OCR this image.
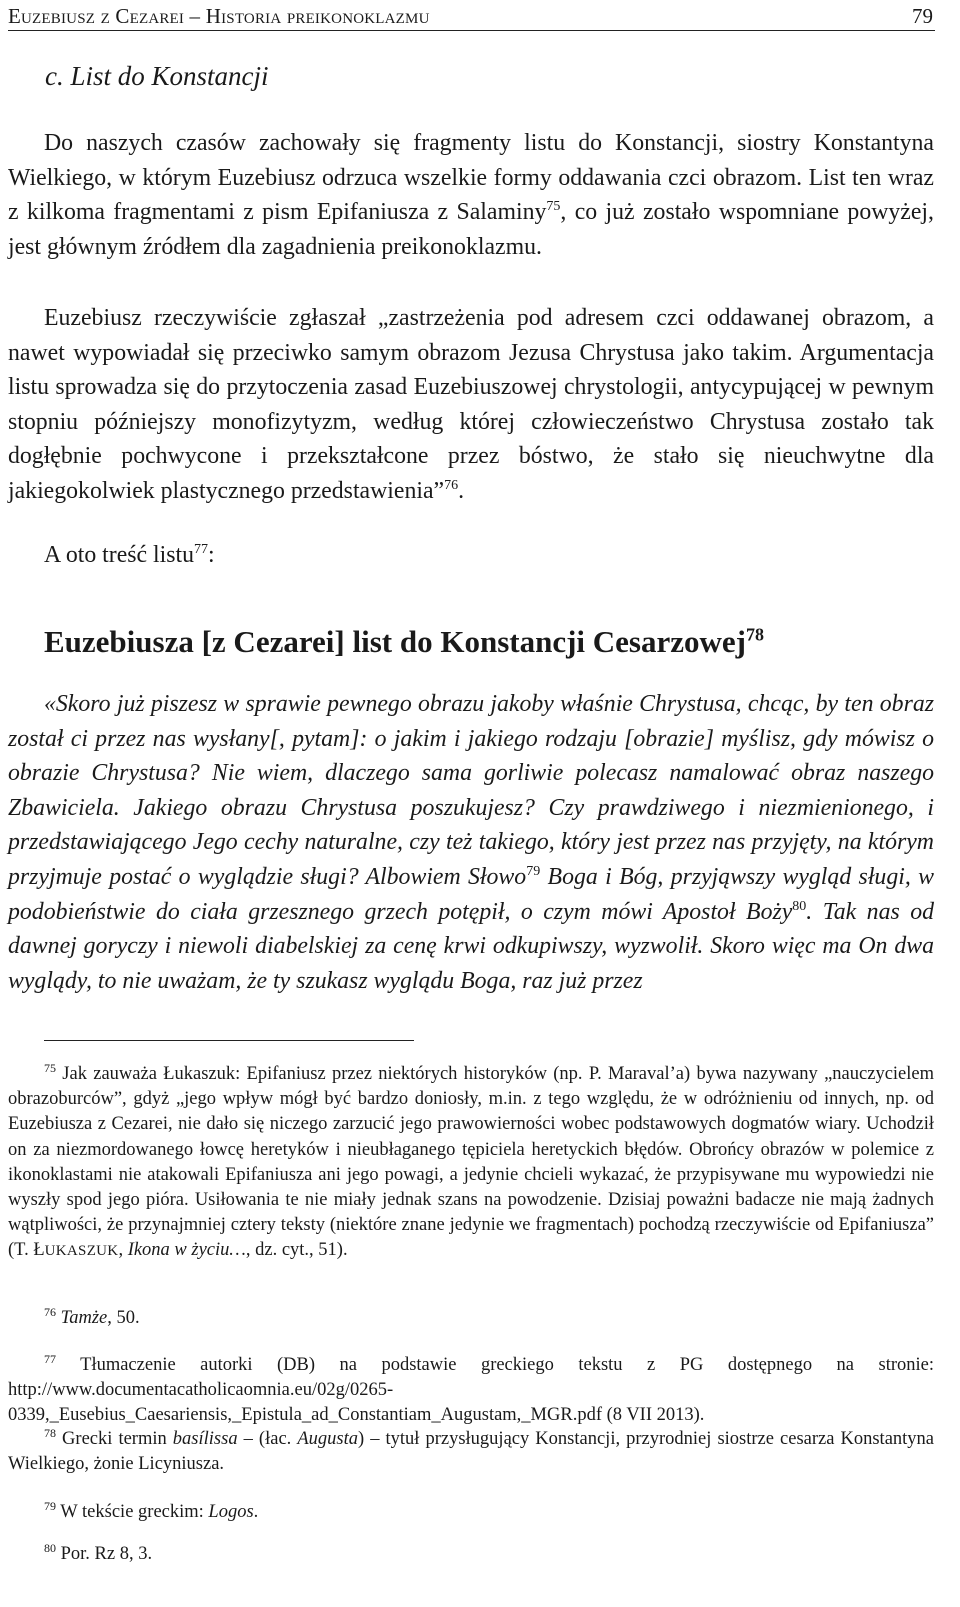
Euzebiusz z Cezarei – Historia preikonoklazmu	79
c. List do Konstancji

Do naszych czasów zachowały się fragmenty listu do Konstancji, siostry Konstantyna Wielkiego, w którym Euzebiusz odrzuca wszelkie formy oddawania czci obrazom. List ten wraz z kilkoma fragmentami z pism Epifaniusza z Salaminy$^{75}$, co już zostało wspomniane powyżej, jest głównym źródłem dla zagadnienia preikonoklazmu.

Euzebiusz rzeczywiście zgłaszał „zastrzeżenia pod adresem czci oddawanej obrazom, a nawet wypowiadał się przeciwko samym obrazom Jezusa Chrystusa jako takim. Argumentacja listu sprowadza się do przytoczenia zasad Euzebiuszowej chrystologii, antycypującej w pewnym stopniu późniejszy monofizytyzm, według której człowieczeństwo Chrystusa zostało tak dogłębnie pochwycone i przekształcone przez bóstwo, że stało się nieuchwytne dla jakiegokolwiek plastycznego przedstawienia”$^{76}$.

A oto treść listu$^{77}$:

Euzebiusza [z Cezarei] list do Konstancji Cesarzowej$^{78}$

«Skoro już piszesz w sprawie pewnego obrazu jakoby właśnie Chrystusa, chcąc, by ten obraz został ci przez nas wysłany[, pytam]: o jakim i jakiego rodzaju [obrazie] myślisz, gdy mówisz o obrazie Chrystusa? Nie wiem, dlaczego sama gorliwie polecasz namalować obraz naszego Zbawiciela. Jakiego obrazu Chrystusa poszukujesz? Czy prawdziwego i niezmienionego, i przedstawiającego Jego cechy naturalne, czy też takiego, który jest przez nas przyjęty, na którym przyjmuje postać o wyglądzie sługi? Albowiem Słowo$^{79}$ Boga i Bóg, przyjąwszy wygląd sługi, w podobieństwie do ciała grzesznego grzech potępił, o czym mówi Apostoł Boży$^{80}$. Tak nas od dawnej goryczy i niewoli diabelskiej za cenę krwi odkupiwszy, wyzwolił. Skoro więc ma On dwa wyglądy, to nie uważam, że ty szukasz wyglądu Boga, raz już przez

$^{75}$ Jak zauważa Łukaszuk: Epifaniusz przez niektórych historyków (np. P. Maraval’a) bywa nazywany „nauczycielem obrazoburców”, gdyż „jego wpływ mógł być bardzo doniosły, m.in. z tego względu, że w odróżnieniu od innych, np. od Euzebiusza z Cezarei, nie dało się niczego zarzucić jego prawowierności wobec podstawowych dogmatów wiary. Uchodził on za niezmordowanego łowcę heretyków i nieubłaganego tępiciela heretyckich błędów. Obrońcy obrazów w polemice z ikonoklastami nie atakowali Epifaniusza ani jego powagi, a jedynie chcieli wykazać, że przypisywane mu wypowiedzi nie wyszły spod jego pióra. Usiłowania te nie miały jednak szans na powodzenie. Dzisiaj poważni badacze nie mają żadnych wątpliwości, że przynajmniej cztery teksty (niektóre znane jedynie we fragmentach) pochodzą rzeczywiście od Epifaniusza” (T. ŁUKASZUK, Ikona w życiu…, dz. cyt., 51).

$^{76}$ Tamże, 50.

$^{77}$ Tłumaczenie autorki (DB) na podstawie greckiego tekstu z PG dostępnego na stronie: http://www.documentacatholicaomnia.eu/02g/0265-0339,_Eusebius_Caesariensis,_Epistula_ad_Constantiam_Augustam,_MGR.pdf (8 VII 2013).

$^{78}$ Grecki termin basílissa – (łac. Augusta) – tytuł przysługujący Konstancji, przyrodniej siostrze cesarza Konstantyna Wielkiego, żonie Licyniusza.

$^{79}$ W tekście greckim: Logos.

$^{80}$ Por. Rz 8, 3.
